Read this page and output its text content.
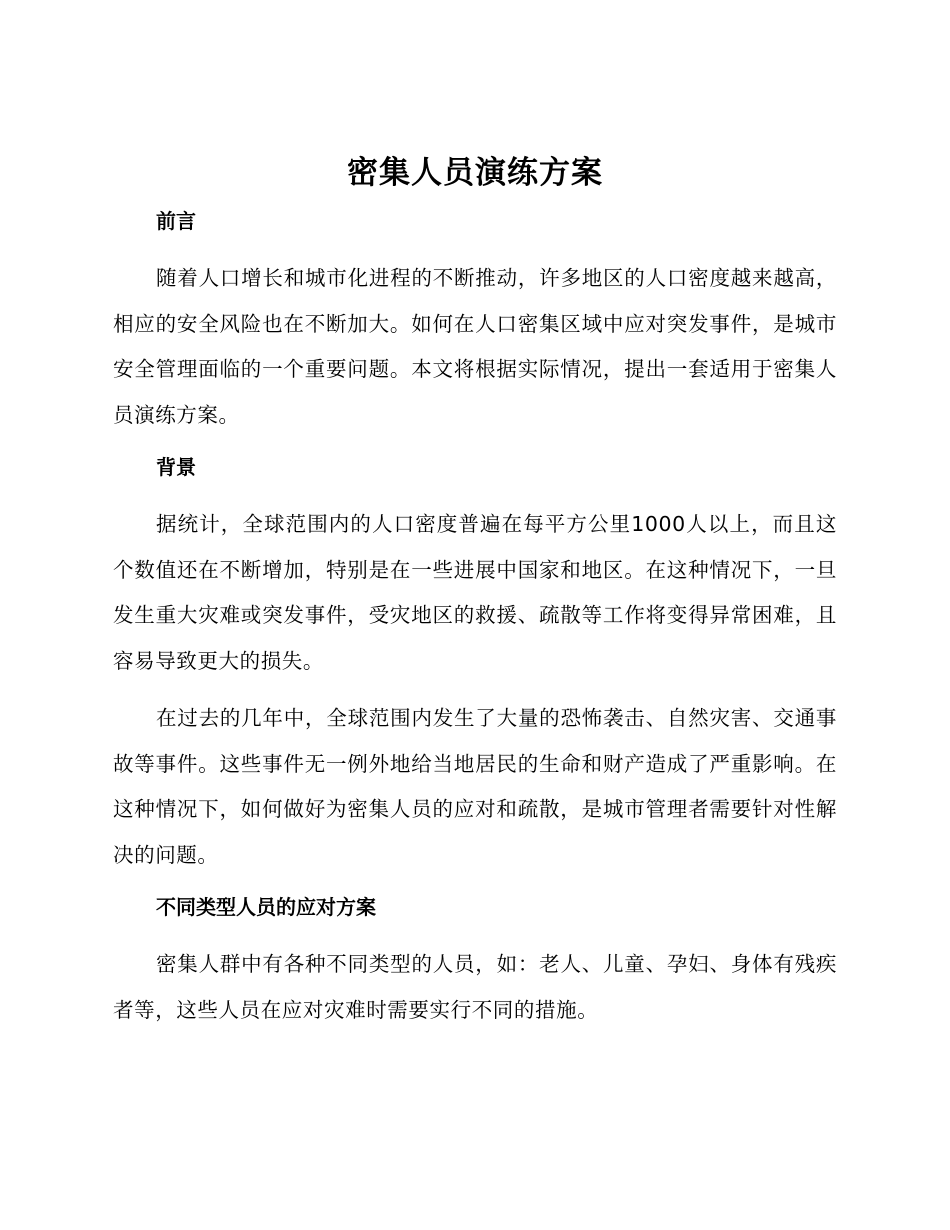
密集人员演练方案
前言

随着人口增长和城市化进程的不断推动，许多地区的人口密度越来越高，相应的安全风险也在不断加大。如何在人口密集区域中应对突发事件，是城市安全管理面临的一个重要问题。本文将根据实际情况，提出一套适用于密集人员演练方案。

背景

据统计，全球范围内的人口密度普遍在每平方公里1000人以上，而且这个数值还在不断增加，特别是在一些进展中国家和地区。在这种情况下，一旦发生重大灾难或突发事件，受灾地区的救援、疏散等工作将变得异常困难，且容易导致更大的损失。

在过去的几年中，全球范围内发生了大量的恐怖袭击、自然灾害、交通事故等事件。这些事件无一例外地给当地居民的生命和财产造成了严重影响。在这种情况下，如何做好为密集人员的应对和疏散，是城市管理者需要针对性解决的问题。

不同类型人员的应对方案

密集人群中有各种不同类型的人员，如：老人、儿童、孕妇、身体有残疾者等，这些人员在应对灾难时需要实行不同的措施。
